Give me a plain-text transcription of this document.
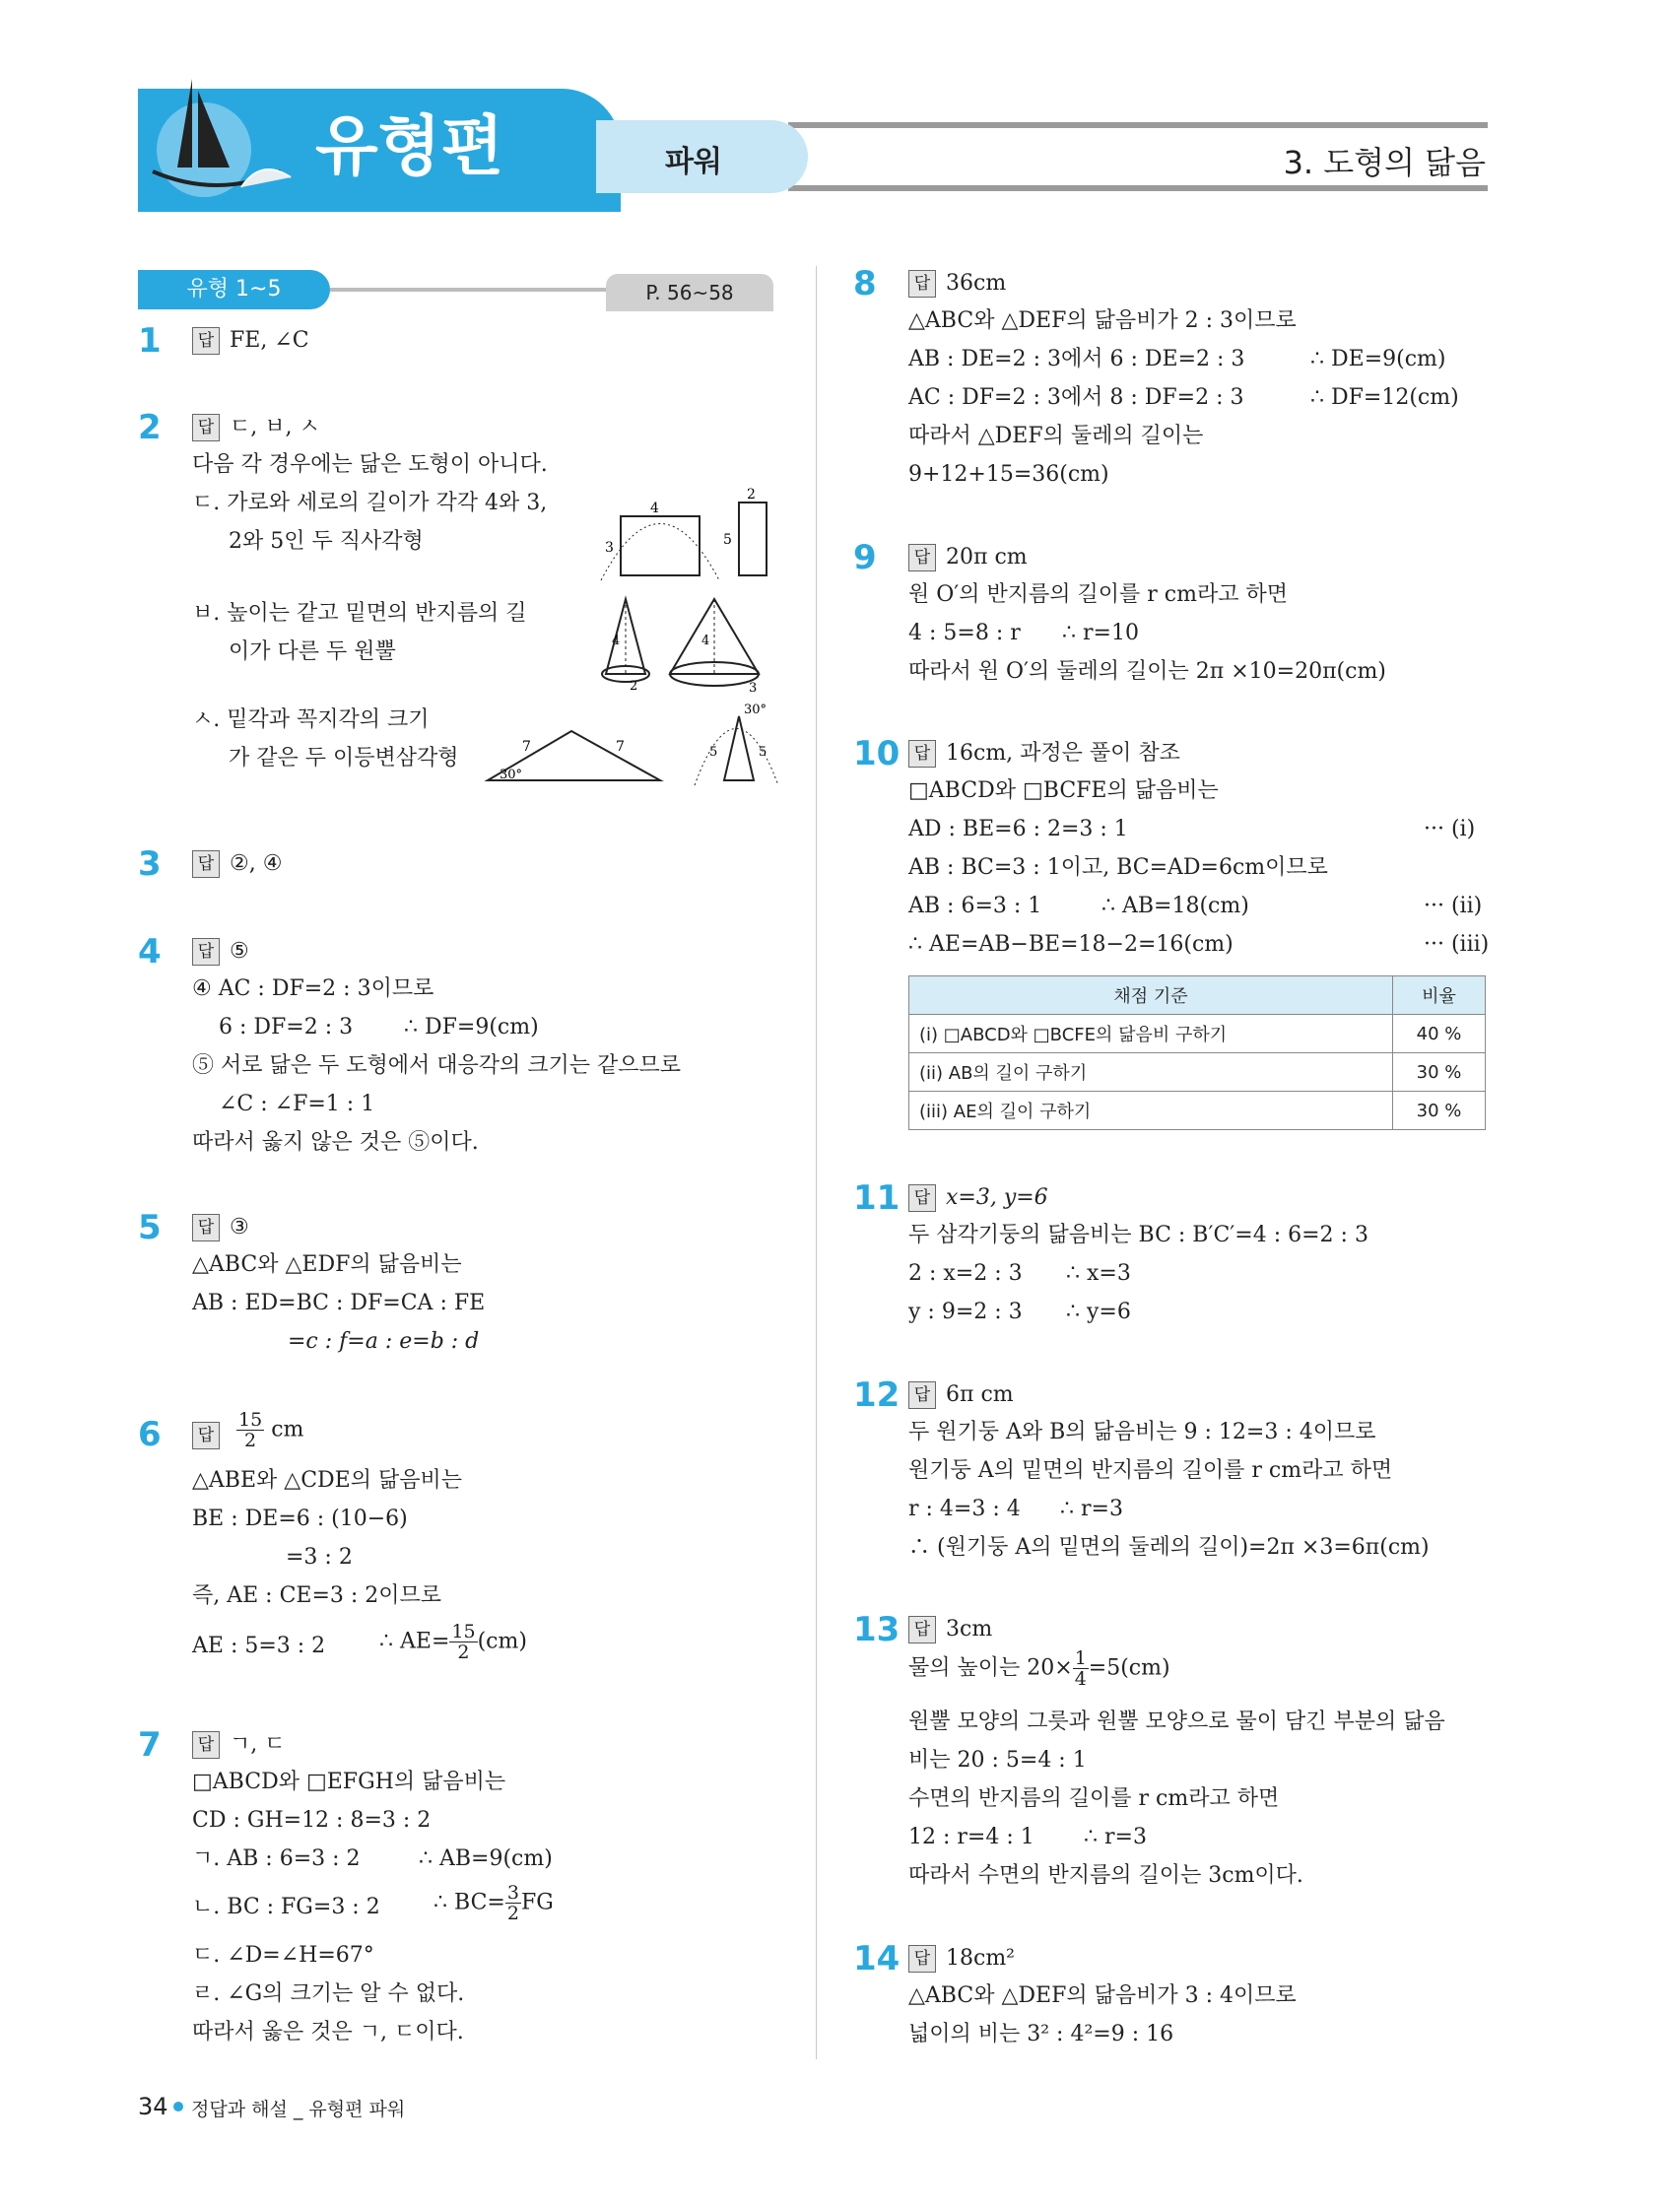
유형편	파워	3. 도형의 닮음
유형 1~5	P. 56~58
1	답 FE, ∠C
2	답 ㄷ, ㅂ, ㅅ
다음 각 경우에는 닮은 도형이 아니다.
ㄷ. 가로와 세로의 길이가 각각 4와 3,
2와 5인 두 직사각형
ㅂ. 높이는 같고 밑면의 반지름의 길
이가 다른 두 원뿔
ㅅ. 밑각과 꼭지각의 크기
가 같은 두 이등변삼각형
4
3
2
5
4
2
4
3
7	7
30°
5	5
30°
3	답 ②, ④
4	답 ⑤
④ AC : DF=2 : 3이므로
6 : DF=2 : 3 ∴ DF=9(cm)
⑤ 서로 닮은 두 도형에서 대응각의 크기는 같으므로
∠C : ∠F=1 : 1
따라서 옳지 않은 것은 ⑤이다.
5	답 ③
△ABC와 △EDF의 닮음비는
AB : ED=BC : DF=CA : FE
=c : f=a : e=b : d
6	답 $\frac{15}{2}$ cm
△ABE와 △CDE의 닮음비는
BE : DE=6 : (10−6)
=3 : 2
즉, AE : CE=3 : 2이므로
AE : 5=3 : 2 ∴ $AE= \frac{15}{2} (cm)$
7	답 ㄱ, ㄷ
□ABCD와 □EFGH의 닮음비는
CD : GH=12 : 8=3 : 2
ㄱ. AB : 6=3 : 2	∴ AB=9(cm)
ㄴ. BC : FG=3 : 2 ∴ $BC= \frac{3}{2}$ FG
ㄷ. ∠D=∠H=67°
ㄹ. ∠G의 크기는 알 수 없다.
따라서 옳은 것은 ㄱ, ㄷ이다.
8	답 36cm
△ABC와 △DEF의 닮음비가 2 : 3이므로
AB : DE=2 : 3에서 6 : DE=2 : 3	∴ DE=9(cm)
AC : DF=2 : 3에서 8 : DF=2 : 3	∴ DF=12(cm)
따라서 △DEF의 둘레의 길이는
9+12+15=36(cm)
9	답 20π cm
원 O′의 반지름의 길이를 r cm라고 하면
4 : 5=8 : r ∴ r=10
따라서 원 O′의 둘레의 길이는 2π ×10=20π(cm)
10 답 16cm, 과정은 풀이 참조
□ABCD와 □BCFE의 닮음비는
AD : BE=6 : 2=3 : 1	··· (i)
AB : BC=3 : 1이고, BC=AD=6cm이므로
AB : 6=3 : 1	∴ AB=18(cm)	··· (ii)
∴ AE=AB−BE=18−2=16(cm)	··· (iii)
채점 기준	비율
(i) □ABCD와 □BCFE의 닮음비 구하기	40 %
(ii) AB의 길이 구하기	30 %
(iii) AE의 길이 구하기	30 %
11 답 x=3, y=6
두 삼각기둥의 닮음비는 BC : B′C′=4 : 6=2 : 3
2 : x=2 : 3 ∴ x=3
y : 9=2 : 3 ∴ y=6
12 답 6π cm
두 원기둥 A와 B의 닮음비는 9 : 12=3 : 4이므로
원기둥 A의 밑면의 반지름의 길이를 r cm라고 하면
r : 4=3 : 4 ∴ r=3
∴ (원기둥 A의 밑면의 둘레의 길이)=2π ×3=6π(cm)
13 답 3cm
물의 높이는 $20\times \frac{1}{4} =5(cm)$
원뿔 모양의 그릇과 원뿔 모양으로 물이 담긴 부분의 닮음
비는 20 : 5=4 : 1
수면의 반지름의 길이를 r cm라고 하면
12 : r=4 : 1 ∴ r=3
따라서 수면의 반지름의 길이는 3cm이다.
14 답 18cm²
△ABC와 △DEF의 닮음비가 3 : 4이므로
넓이의 비는 3² : 4²=9 : 16
34 정답과 해설 _ 유형편 파워
